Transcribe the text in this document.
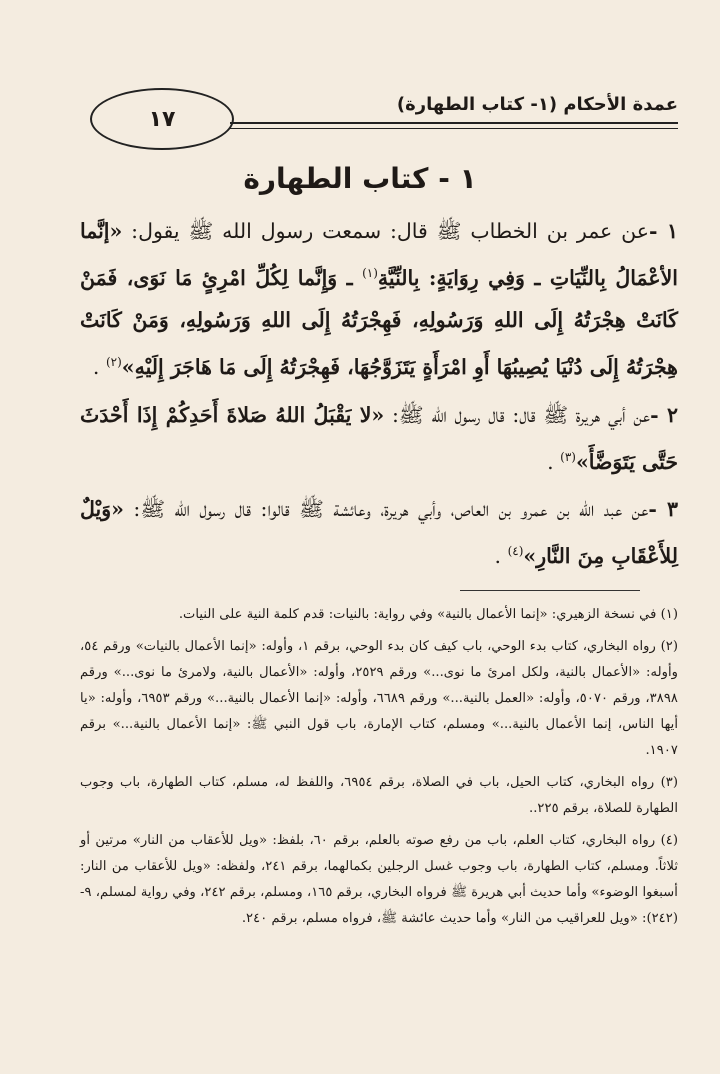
١٧
عمدة الأحكام (١- كتاب الطهارة)
١ - كتاب الطهارة

١ -عن عمر بن الخطاب ﷺ قال: سمعت رسول الله ﷺ يقول: «إنَّما الأعْمَالُ بِالنِّيَاتِ ـ وَفِي رِوَايَةٍ: بِالنِّيَّةِ$^{(١)}$ ـ وَإِنَّما لِكُلِّ امْرِئٍ مَا نَوَى، فَمَنْ كَانَتْ هِجْرَتُهُ إِلَى اللهِ وَرَسُولِهِ، فَهِجْرَتُهُ إِلَى اللهِ وَرَسُولِهِ، وَمَنْ كَانَتْ هِجْرَتُهُ إِلَى دُنْيَا يُصِيبُهَا أَوِ امْرَأَةٍ يَتَزَوَّجُهَا، فَهِجْرَتُهُ إِلَى مَا هَاجَرَ إِلَيْهِ»$^{(٢)}$ .

٢ -عن أبي هريرة ﷺ قال: قال رسول الله ﷺ: «لا يَقْبَلُ اللهُ صَلاةَ أَحَدِكُمْ إِذَا أَحْدَثَ حَتَّى يَتَوَضَّأَ»$^{(٣)}$ .

٣ -عن عبد الله بن عمرو بن العاص، وأبي هريرة، وعائشة ﷺ قالوا: قال رسول الله ﷺ: «وَيْلٌ لِلأَعْقَابِ مِنَ النَّارِ»$^{(٤)}$ .

(١) في نسخة الزهيري: «إنما الأعمال بالنية» وفي رواية: بالنيات: قدم كلمة النية على النيات.

(٢) رواه البخاري، كتاب بدء الوحي، باب كيف كان بدء الوحي، برقم ١، وأوله: «إنما الأعمال بالنيات» ورقم ٥٤، وأوله: «الأعمال بالنية، ولكل امرئ ما نوى...» ورقم ٢٥٢٩، وأوله: «الأعمال بالنية، ولامرئ ما نوى...» ورقم ٣٨٩٨، ورقم ٥٠٧٠، وأوله: «العمل بالنية...» ورقم ٦٦٨٩، وأوله: «إنما الأعمال بالنية...» ورقم ٦٩٥٣، وأوله: «يا أيها الناس، إنما الأعمال بالنية...» ومسلم، كتاب الإمارة، باب قول النبي ﷺ: «إنما الأعمال بالنية...» برقم ١٩٠٧.

(٣) رواه البخاري، كتاب الحيل، باب في الصلاة، برقم ٦٩٥٤، واللفظ له، مسلم، كتاب الطهارة، باب وجوب الطهارة للصلاة، برقم ٢٢٥..

(٤) رواه البخاري، كتاب العلم، باب من رفع صوته بالعلم، برقم ٦٠، بلفظ: «ويل للأعقاب من النار» مرتين أو ثلاثاً. ومسلم، كتاب الطهارة، باب وجوب غسل الرجلين بكمالهما، برقم ٢٤١، ولفظه: «ويل للأعقاب من النار: أسبغوا الوضوء» وأما حديث أبي هريرة ﷺ فرواه البخاري، برقم ١٦٥، ومسلم، برقم ٢٤٢، وفي رواية لمسلم، ٩-(٢٤٢): «ويل للعراقيب من النار» وأما حديث عائشة ﷺ، فرواه مسلم، برقم ٢٤٠.
